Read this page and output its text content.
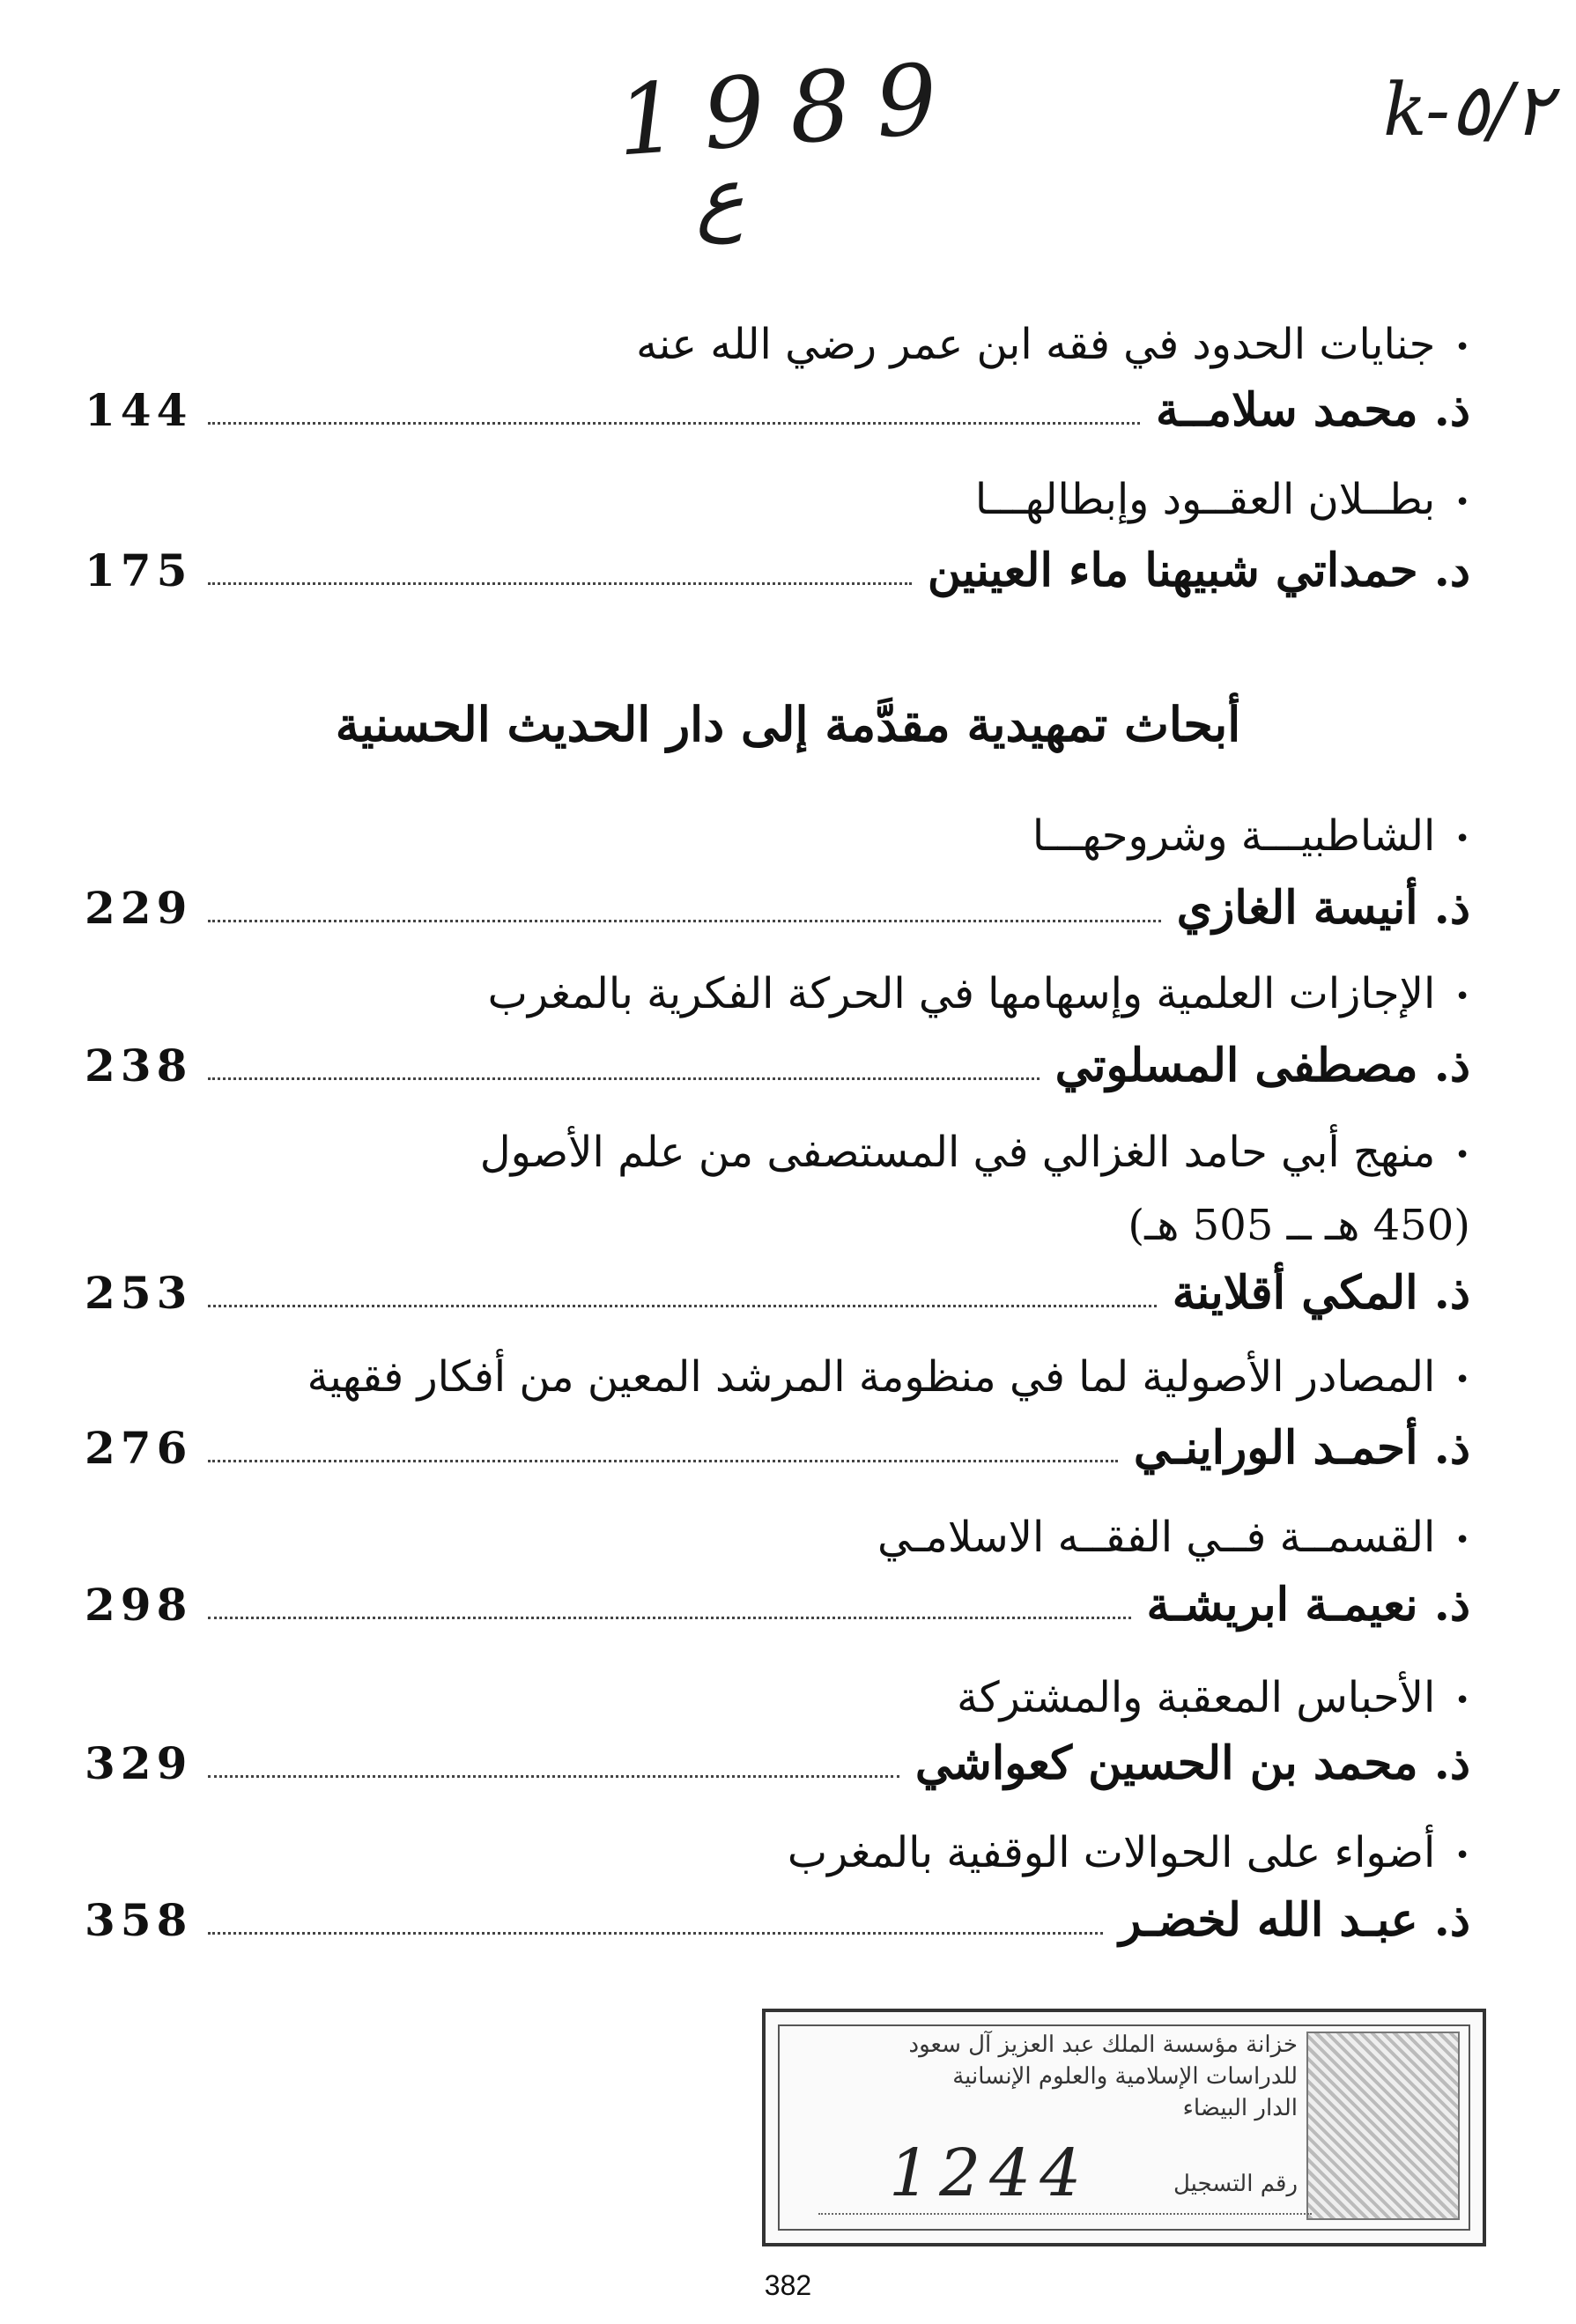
1989
ع
k-٥/٢
•جنايات الحدود في فقه ابن عمر رضي الله عنه
144	ذ. محمد سلامــة
•بطــلان العقــود وإبطالهـــا
175	د. حمداتي شبيهنا ماء العينين
أبحاث تمهيدية مقدَّمة إلى دار الحديث الحسنية
•الشاطبيـــة وشروحهـــا
229	ذ. أنيسة الغازي
•الإجازات العلمية وإسهامها في الحركة الفكرية بالمغرب
238	ذ. مصطفى المسلوتي
•منهج أبي حامد الغزالي في المستصفى من علم الأصول
(450 هـ ــ 505 هـ)
253	ذ. المكي أقلاينة
•المصادر الأصولية لما في منظومة المرشد المعين من أفكار فقهية
276	ذ. أحمـد الوراينـي
•القسمــة فــي الفقــه الاسلامـي
298	ذ. نعيمـة ابريشـة
•الأحباس المعقبة والمشتركة
329	ذ. محمد بن الحسين كعواشي
•أضواء على الحوالات الوقفية بالمغرب
358	ذ. عبـد الله لخضـر
خزانة مؤسسة الملك عبد العزيز آل سعود
للدراسات الإسلامية والعلوم الإنسانية
الدار البيضاء
رقم التسجيل
1244
382
